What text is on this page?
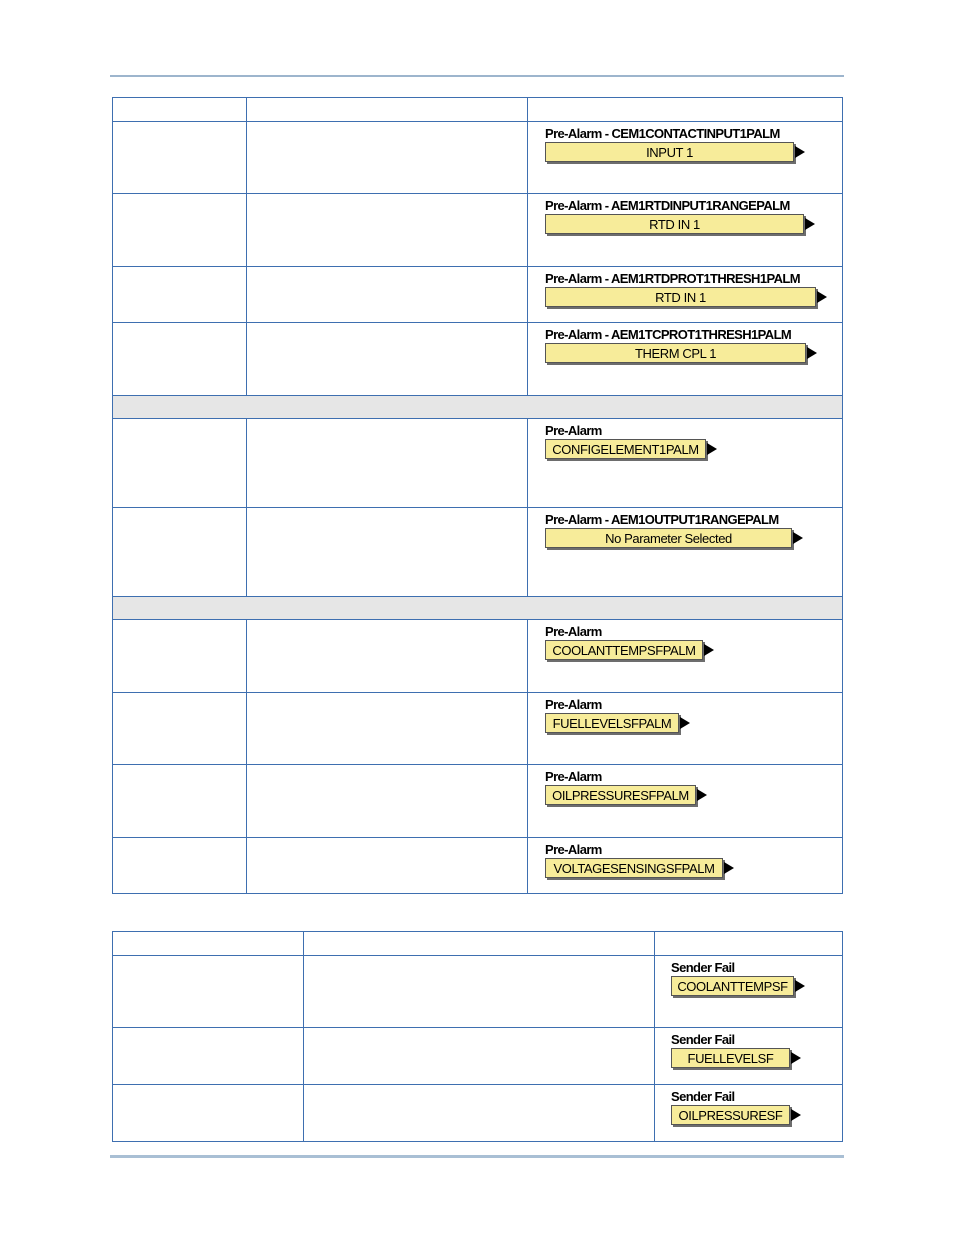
		Pre-Alarm - CEM1CONTACTINPUT1PALM
INPUT 1

		Pre-Alarm - AEM1RTDINPUT1RANGEPALM
RTD IN 1

		Pre-Alarm - AEM1RTDPROT1THRESH1PALM
RTD IN 1

		Pre-Alarm - AEM1TCPROT1THRESH1PALM
THERM CPL 1

		Pre-Alarm
CONFIGELEMENT1PALM

		Pre-Alarm - AEM1OUTPUT1RANGEPALM
No Parameter Selected

		Pre-Alarm
COOLANTTEMPSFPALM

		Pre-Alarm
FUELLEVELSFPALM

		Pre-Alarm
OILPRESSURESFPALM

		Pre-Alarm
VOLTAGESENSINGSFPALM

		Sender Fail
COOLANTTEMPSF

		Sender Fail
FUELLEVELSF

		Sender Fail
OILPRESSURESF
